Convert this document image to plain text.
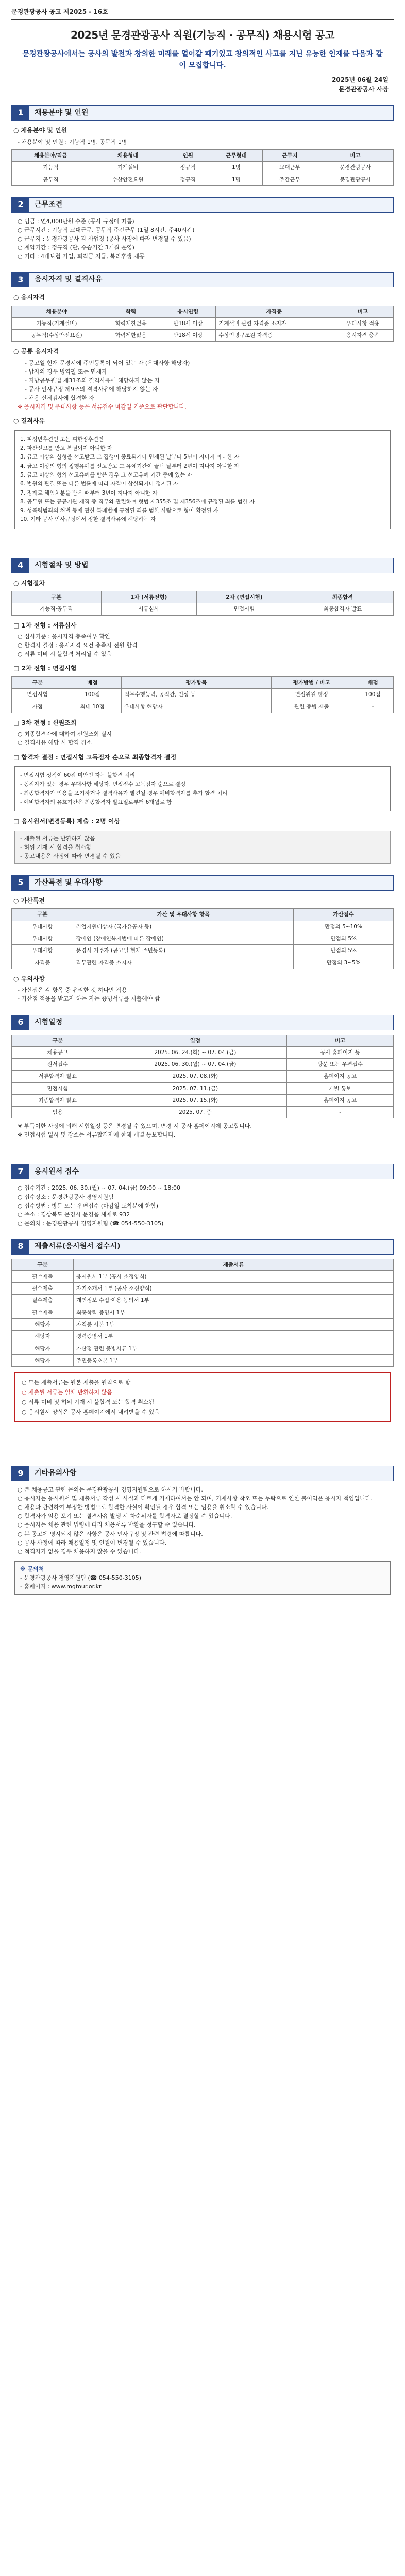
문경관광공사 공고 제2025 - 16호
2025년 문경관광공사 직원(기능직 · 공무직) 채용시험 공고
문경관광공사에서는 공사의 발전과 창의한 미래를 열어갈 패기있고 창의적인 사고를 지닌 유능한 인재를 다음과 같이 모집합니다.
2025년 06월 24일
문경관광공사 사장
1	채용분야 및 인원
○ 채용분야 및 인원
- 채용분야 및 인원 : 기능직 1명, 공무직 1명
채용분야/직급	채용형태	인원	근무형태	근무지	비고
기능직	기계설비	정규직	1명	교대근무	문경관광공사
공무직	수상안전요원	정규직	1명	주간근무	문경관광공사
2	근무조건
○ 임금 : 연4,000만원 수준 (공사 규정에 따름)
○ 근무시간 : 기능직 교대근무, 공무직 주간근무 (1일 8시간, 주40시간)
○ 근무지 : 문경관광공사 각 사업장 (공사 사정에 따라 변경될 수 있음)
○ 계약기간 : 정규직 (단, 수습기간 3개월 운영)
○ 기타 : 4대보험 가입, 퇴직금 지급, 복리후생 제공
3	응시자격 및 결격사유
○ 응시자격
채용분야	학력	응시연령	자격증	비고
기능직(기계설비)	학력제한없음	만18세 이상	기계설비 관련 자격증 소지자	우대사항 적용
공무직(수상안전요원)	학력제한없음	만18세 이상	수상인명구조원 자격증	응시자격 충족
○ 공통 응시자격
- 공고일 현재 문경시에 주민등록이 되어 있는 자 (우대사항 해당자)
- 남자의 경우 병역필 또는 면제자
- 지방공무원법 제31조의 결격사유에 해당하지 않는 자
- 공사 인사규정 제9조의 결격사유에 해당하지 않는 자
- 채용 신체검사에 합격한 자
※ 응시자격 및 우대사항 등은 서류접수 마감일 기준으로 판단합니다.
○ 결격사유
1. 피성년후견인 또는 피한정후견인
2. 파산선고를 받고 복권되지 아니한 자
3. 금고 이상의 실형을 선고받고 그 집행이 종료되거나 면제된 날부터 5년이 지나지 아니한 자
4. 금고 이상의 형의 집행유예를 선고받고 그 유예기간이 끝난 날부터 2년이 지나지 아니한 자
5. 금고 이상의 형의 선고유예를 받은 경우 그 선고유예 기간 중에 있는 자
6. 법원의 판결 또는 다른 법률에 따라 자격이 상실되거나 정지된 자
7. 징계로 해임처분을 받은 때부터 3년이 지나지 아니한 자
8. 공무원 또는 공공기관 재직 중 직무와 관련하여 형법 제355조 및 제356조에 규정된 죄를 범한 자
9. 성폭력범죄의 처벌 등에 관한 특례법에 규정된 죄를 범한 사람으로 형이 확정된 자
10. 기타 공사 인사규정에서 정한 결격사유에 해당하는 자
4	시험절차 및 방법
○ 시험절차
구분	1차 (서류전형)	2차 (면접시험)	최종합격
기능직·공무직	서류심사	면접시험	최종합격자 발표
□ 1차 전형 : 서류심사
○ 심사기준 : 응시자격 충족여부 확인
○ 합격자 결정 : 응시자격 요건 충족자 전원 합격
○ 서류 미비 시 불합격 처리될 수 있음
□ 2차 전형 : 면접시험
구분	배점	평가항목	평가방법 / 비고	배점
면접시험	100점	직무수행능력, 공직관, 인성 등	면접위원 평정	100점
가점	최대 10점	우대사항 해당자	관련 증빙 제출	-
□ 3차 전형 : 신원조회
○ 최종합격자에 대하여 신원조회 실시
○ 결격사유 해당 시 합격 취소
□ 합격자 결정 : 면접시험 고득점자 순으로 최종합격자 결정
- 면접시험 성적이 60점 미만인 자는 불합격 처리
- 동점자가 있는 경우 우대사항 해당자, 면접점수 고득점자 순으로 결정
- 최종합격자가 임용을 포기하거나 결격사유가 발견될 경우 예비합격자를 추가 합격 처리
- 예비합격자의 유효기간은 최종합격자 발표일로부터 6개월로 함
□ 응시원서(변경등록) 제출 : 2명 이상
- 제출된 서류는 반환하지 않음
- 허위 기재 시 합격을 취소함
- 공고내용은 사정에 따라 변경될 수 있음
5	가산특전 및 우대사항
○ 가산특전
구분	가산 및 우대사항 항목	가산점수
우대사항	취업지원대상자 (국가유공자 등)	만점의 5~10%
우대사항	장애인 (장애인복지법에 따른 장애인)	만점의 5%
우대사항	문경시 거주자 (공고일 현재 주민등록)	만점의 5%
자격증	직무관련 자격증 소지자	만점의 3~5%
○ 유의사항
- 가산점은 각 항목 중 유리한 것 하나만 적용
- 가산점 적용을 받고자 하는 자는 증빙서류를 제출해야 함
6	시험일정
구분	일정	비고
채용공고	2025. 06. 24.(화) ~ 07. 04.(금)	공사 홈페이지 등
원서접수	2025. 06. 30.(월) ~ 07. 04.(금)	방문 또는 우편접수
서류합격자 발표	2025. 07. 08.(화)	홈페이지 공고
면접시험	2025. 07. 11.(금)	개별 통보
최종합격자 발표	2025. 07. 15.(화)	홈페이지 공고
임용	2025. 07. 중	-
※ 부득이한 사정에 의해 시험일정 등은 변경될 수 있으며, 변경 시 공사 홈페이지에 공고합니다.
※ 면접시험 일시 및 장소는 서류합격자에 한해 개별 통보합니다.
7	응시원서 접수
○ 접수기간 : 2025. 06. 30.(월) ~ 07. 04.(금) 09:00 ~ 18:00
○ 접수장소 : 문경관광공사 경영지원팀
○ 접수방법 : 방문 또는 우편접수 (마감일 도착분에 한함)
○ 주소 : 경상북도 문경시 문경읍 새재로 932
○ 문의처 : 문경관광공사 경영지원팀 (☎ 054-550-3105)
8	제출서류(응시원서 접수시)
구분	제출서류
필수제출	응시원서 1부 (공사 소정양식)
필수제출	자기소개서 1부 (공사 소정양식)
필수제출	개인정보 수집·이용 동의서 1부
필수제출	최종학력 증명서 1부
해당자	자격증 사본 1부
해당자	경력증명서 1부
해당자	가산점 관련 증빙서류 1부
해당자	주민등록초본 1부
○ 모든 제출서류는 원본 제출을 원칙으로 함
○ 제출된 서류는 일체 반환하지 않음
○ 서류 미비 및 허위 기재 시 불합격 또는 합격 취소됨
○ 응시원서 양식은 공사 홈페이지에서 내려받을 수 있음
9	기타유의사항
○ 본 채용공고 관련 문의는 문경관광공사 경영지원팀으로 하시기 바랍니다.
○ 응시자는 응시원서 및 제출서류 작성 시 사실과 다르게 기재하여서는 안 되며, 기재사항 착오 또는 누락으로 인한 불이익은 응시자 책임입니다.
○ 채용과 관련하여 부정한 방법으로 합격한 사실이 확인될 경우 합격 또는 임용을 취소할 수 있습니다.
○ 합격자가 임용 포기 또는 결격사유 발생 시 차순위자를 합격자로 결정할 수 있습니다.
○ 응시자는 채용 관련 법령에 따라 채용서류 반환을 청구할 수 있습니다.
○ 본 공고에 명시되지 않은 사항은 공사 인사규정 및 관련 법령에 따릅니다.
○ 공사 사정에 따라 채용일정 및 인원이 변경될 수 있습니다.
○ 적격자가 없을 경우 채용하지 않을 수 있습니다.
※ 문의처
- 문경관광공사 경영지원팀 (☎ 054-550-3105)
- 홈페이지 : www.mgtour.or.kr
